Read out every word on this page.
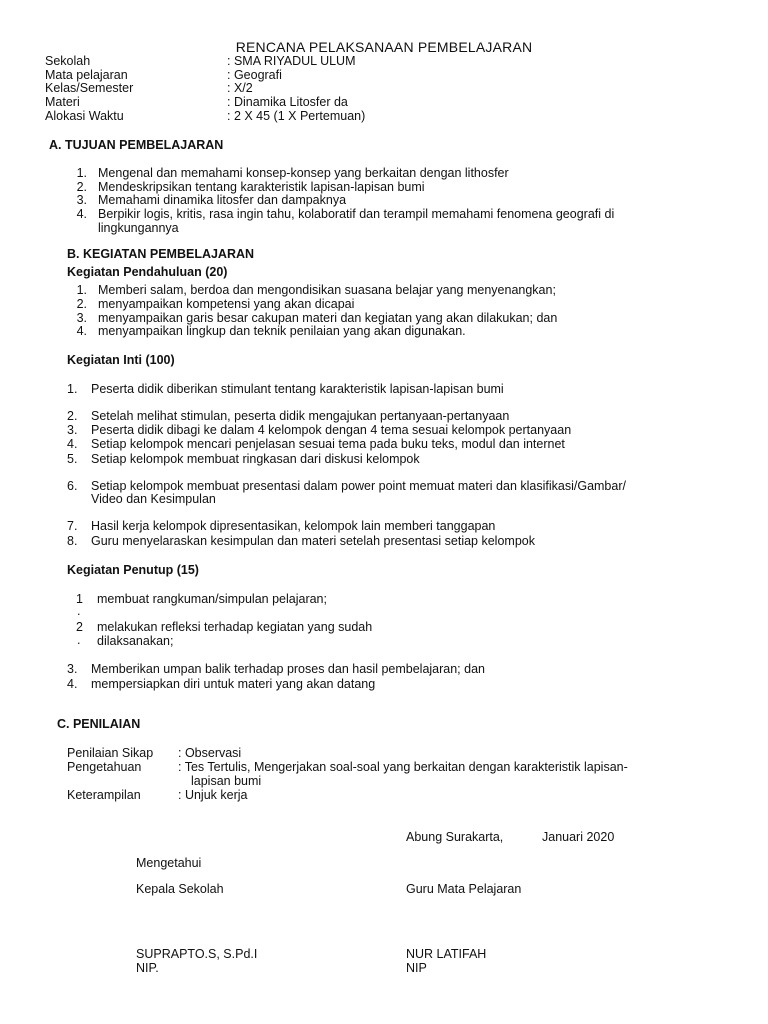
RENCANA PELAKSANAAN PEMBELAJARAN
Sekolah	: SMA RIYADUL ULUM
Mata pelajaran	: Geografi
Kelas/Semester	: X/2
Materi	: Dinamika Litosfer da
Alokasi Waktu	: 2 X 45 (1 X Pertemuan)
A. TUJUAN PEMBELAJARAN
1. Mengenal dan memahami konsep-konsep yang berkaitan dengan lithosfer
2. Mendeskripsikan tentang karakteristik lapisan-lapisan bumi
3. Memahami dinamika litosfer dan dampaknya
4. Berpikir logis, kritis, rasa ingin tahu, kolaboratif dan terampil memahami fenomena geografi di
lingkungannya
B. KEGIATAN PEMBELAJARAN
Kegiatan Pendahuluan (20)
1. Memberi salam, berdoa dan mengondisikan suasana belajar yang menyenangkan;
2. menyampaikan kompetensi yang akan dicapai
3. menyampaikan garis besar cakupan materi dan kegiatan yang akan dilakukan; dan
4. menyampaikan lingkup dan teknik penilaian yang akan digunakan.
Kegiatan Inti (100)
1. Peserta didik diberikan stimulant tentang karakteristik lapisan-lapisan bumi
2. Setelah melihat stimulan, peserta didik mengajukan pertanyaan-pertanyaan
3. Peserta didik dibagi ke dalam 4 kelompok dengan 4 tema sesuai kelompok pertanyaan
4. Setiap kelompok mencari penjelasan sesuai tema pada buku teks, modul dan internet
5. Setiap kelompok membuat ringkasan dari diskusi kelompok
6. Setiap kelompok membuat presentasi dalam power point memuat materi dan klasifikasi/Gambar/
Video dan Kesimpulan
7. Hasil kerja kelompok dipresentasikan, kelompok lain memberi tanggapan
8. Guru menyelaraskan kesimpulan dan materi setelah presentasi setiap kelompok
Kegiatan Penutup (15)
1
.
membuat rangkuman/simpulan pelajaran;
2
.
melakukan refleksi terhadap kegiatan yang sudah
dilaksanakan;
3. Memberikan umpan balik terhadap proses dan hasil pembelajaran; dan
4. mempersiapkan diri untuk materi yang akan datang
C. PENILAIAN
Penilaian Sikap : Observasi
Pengetahuan	: Tes Tertulis, Mengerjakan soal-soal yang berkaitan dengan karakteristik lapisan-
lapisan bumi
Keterampilan	: Unjuk kerja
Abung Surakarta,	Januari 2020
Mengetahui
Kepala Sekolah	Guru Mata Pelajaran
SUPRAPTO.S, S.Pd.I
NIP.
NUR LATIFAH
NIP
